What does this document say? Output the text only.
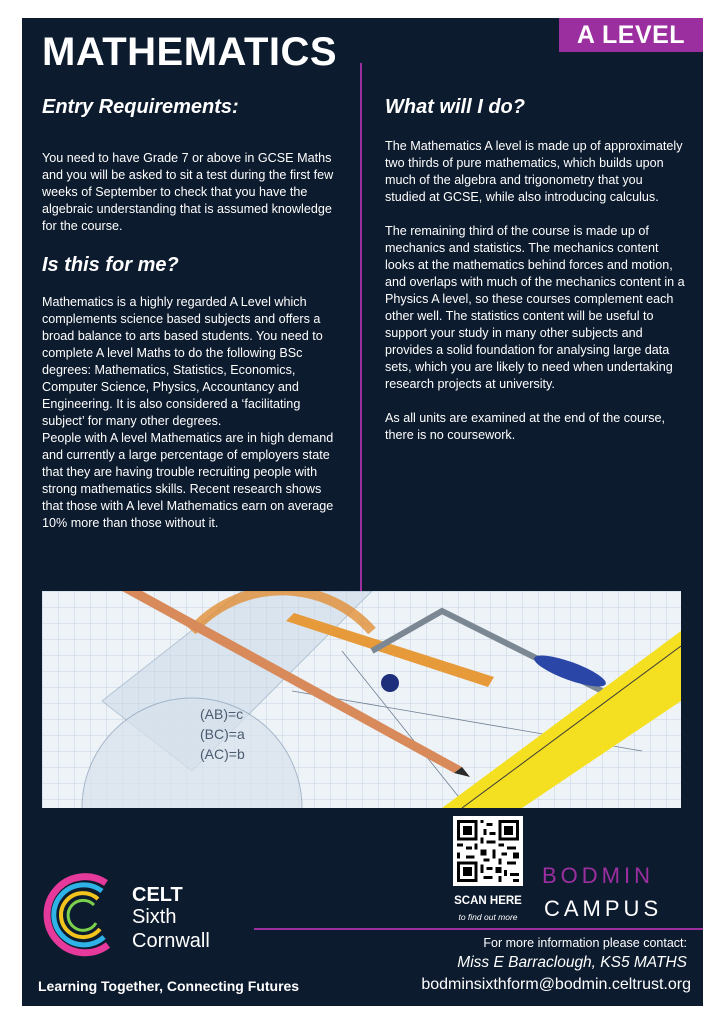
MATHEMATICS
Entry Requirements:

You need to have Grade 7 or above in GCSE Maths and you will be asked to sit a test during the first few weeks of September to check that you have the algebraic understanding that is assumed knowledge for the course.

Is this for me?

Mathematics is a highly regarded A Level which complements science based subjects and offers a broad balance to arts based students. You need to complete A level Maths to do the following BSc degrees: Mathematics, Statistics, Economics, Computer Science, Physics, Accountancy and Engineering. It is also considered a ‘facilitating subject’ for many other degrees.

People with A level Mathematics are in high demand and currently a large percentage of employers state that they are having trouble recruiting people with strong mathematics skills. Recent research shows that those with A level Mathematics earn on average 10% more than those without it.

What will I do?

The Mathematics A level is made up of approximately two thirds of pure mathematics, which builds upon much of the algebra and trigonometry that you studied at GCSE, while also introducing calculus.

The remaining third of the course is made up of mechanics and statistics. The mechanics content looks at the mathematics behind forces and motion, and overlaps with much of the mechanics content in a Physics A level, so these courses complement each other well. The statistics content will be useful to support your study in many other subjects and provides a solid foundation for analysing large data sets, which you are likely to need when undertaking research projects at university.

As all units are examined at the end of the course, there is no coursework.

(AB)=c
(BC)=a
(AC)=b
CELT
Sixth
Cornwall
Learning Together, Connecting Futures
SCAN HERE
to find out more
BODMIN
CAMPUS
For more information please contact:
Miss E Barraclough, KS5 MATHS
bodminsixthform@bodmin.celtrust.org
A LEVEL
